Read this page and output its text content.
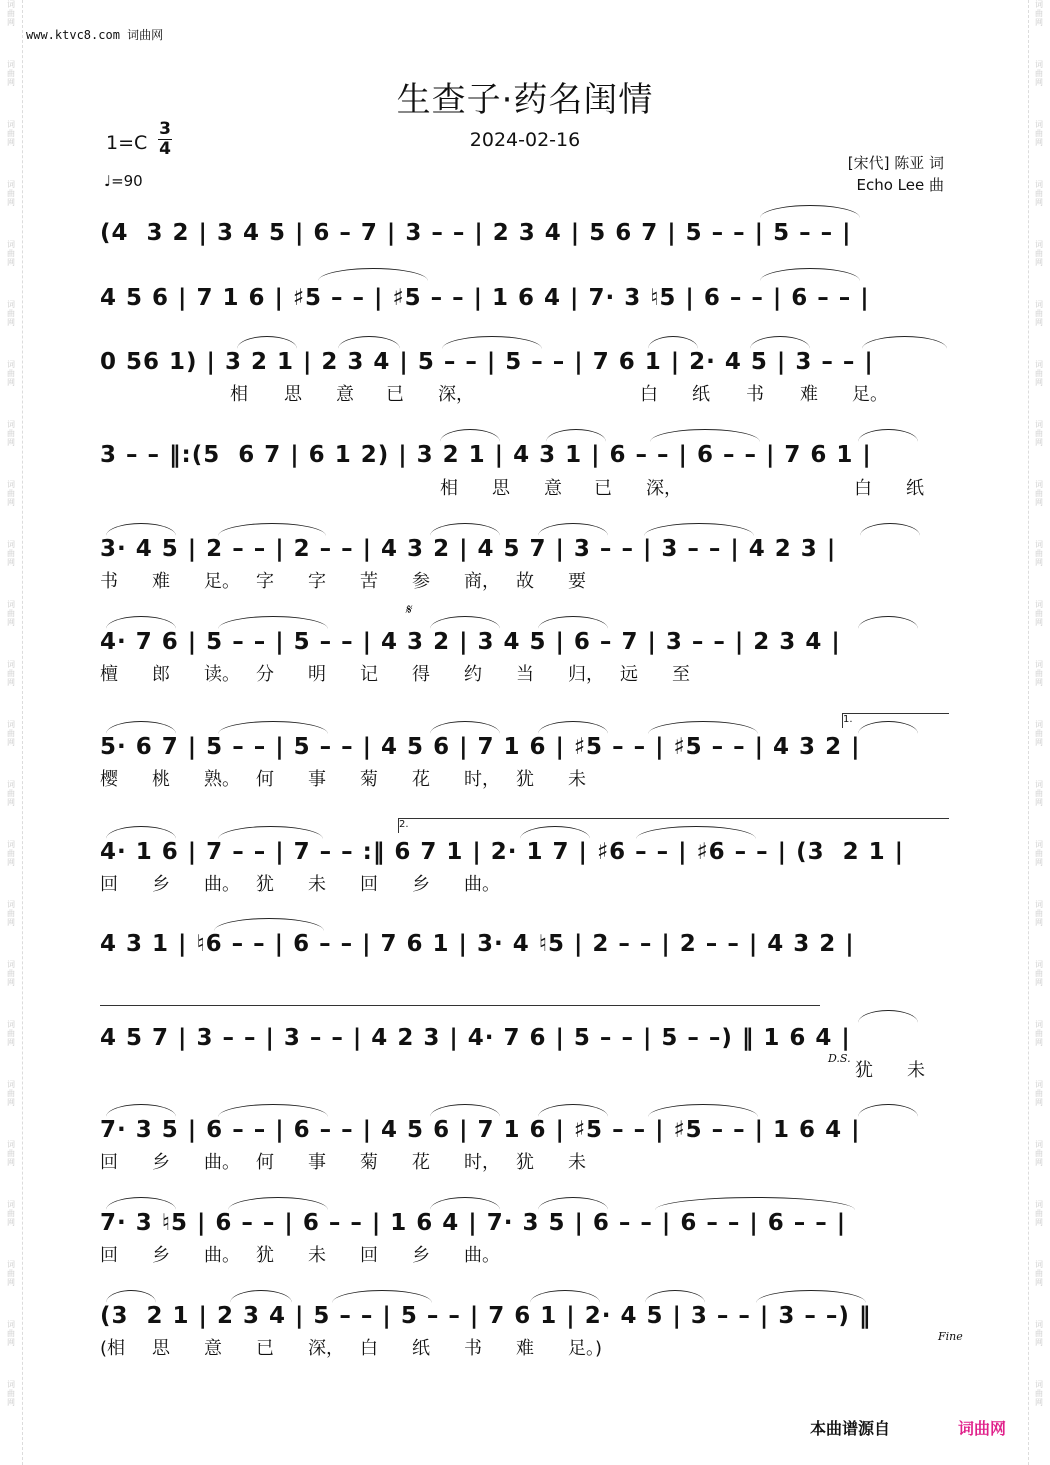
词
曲
网
词
曲
网
词
曲
网
词
曲
网
词
曲
网
词
曲
网
词
曲
网
词
曲
网
词
曲
网
词
曲
网
词
曲
网
词
曲
网
词
曲
网
词
曲
网
词
曲
网
词
曲
网
词
曲
网
词
曲
网
词
曲
网
词
曲
网
词
曲
网
词
曲
网
词
曲
网
词
曲
网
词
曲
网
词
曲
网
词
曲
网
词
曲
网
词
曲
网
词
曲
网
词
曲
网
词
曲
网
词
曲
网
词
曲
网
词
曲
网
词
曲
网
词
曲
网
词
曲
网
词
曲
网
词
曲
网
词
曲
网
词
曲
网
词
曲
网
词
曲
网
词
曲
网
词
曲
网
词
曲
网
词
曲
网
www.ktvc8.com 词曲网
生查子·药名闺情
2024-02-16
$1=C \frac{3}{4}$
♩=90
[宋代] 陈亚 词
Echo Lee 曲
(4  3 2 | 3 4 5 | 6 – 7 | 3 – – | 2 3 4 | 5 6 7 | 5 – – | 5 – – |
4 5 6 | 7 1 6 | ♯5 – – | ♯5 – – | 1 6 4 | 7· 3 ♮5 | 6 – – | 6 – – |
0 56 1) | 3 2 1 | 2 3 4 | 5 – – | 5 – – | 7 6 1 | 2· 4 5 | 3 – – |
3 – – ‖:(5  6 7 | 6 1 2) | 3 2 1 | 4 3 1 | 6 – – | 6 – – | 7 6 1 |
3· 4 5 | 2 – – | 2 – – | 4 3 2 | 4 5 7 | 3 – – | 3 – – | 4 2 3 |
4· 7 6 | 5 – – | 5 – – | 4 3 2 | 3 4 5 | 6 – 7 | 3 – – | 2 3 4 |
5· 6 7 | 5 – – | 5 – – | 4 5 6 | 7 1 6 | ♯5 – – | ♯5 – – | 4 3 2 |
4· 1 6 | 7 – – | 7 – – :‖ 6 7 1 | 2· 1 7 | ♯6 – – | ♯6 – – | (3  2 1 |
4 3 1 | ♮6 – – | 6 – – | 7 6 1 | 3· 4 ♮5 | 2 – – | 2 – – | 4 3 2 |
4 5 7 | 3 – – | 3 – – | 4 2 3 | 4· 7 6 | 5 – – | 5 – –) ‖ 1 6 4 |
7· 3 5 | 6 – – | 6 – – | 4 5 6 | 7 1 6 | ♯5 – – | ♯5 – – | 1 6 4 |
7· 3 ♮5 | 6 – – | 6 – – | 1 6 4 | 7· 3 5 | 6 – – | 6 – – | 6 – – |
(3  2 1 | 2 3 4 | 5 – – | 5 – – | 7 6 1 | 2· 4 5 | 3 – – | 3 – –) ‖
相 思 意 已 深，	白 纸 书 难 足。
相 思 意 已 深，	白 纸
书 难 足。 字 字 苦 参 商， 故 要
檀 郎 读。 分 明 记 得 约 当 归， 远 至
樱 桃 熟。 何 事 菊 花 时， 犹 未
回 乡 曲。 犹 未 回 乡 曲。
犹 未
回 乡 曲。 何 事 菊 花 时， 犹 未
回 乡 曲。 犹 未 回 乡 曲。
(相 思 意 已 深， 白 纸 书 难 足。)
1.
2.
𝄋
D.S.
Fine
本曲谱源自	词曲网
